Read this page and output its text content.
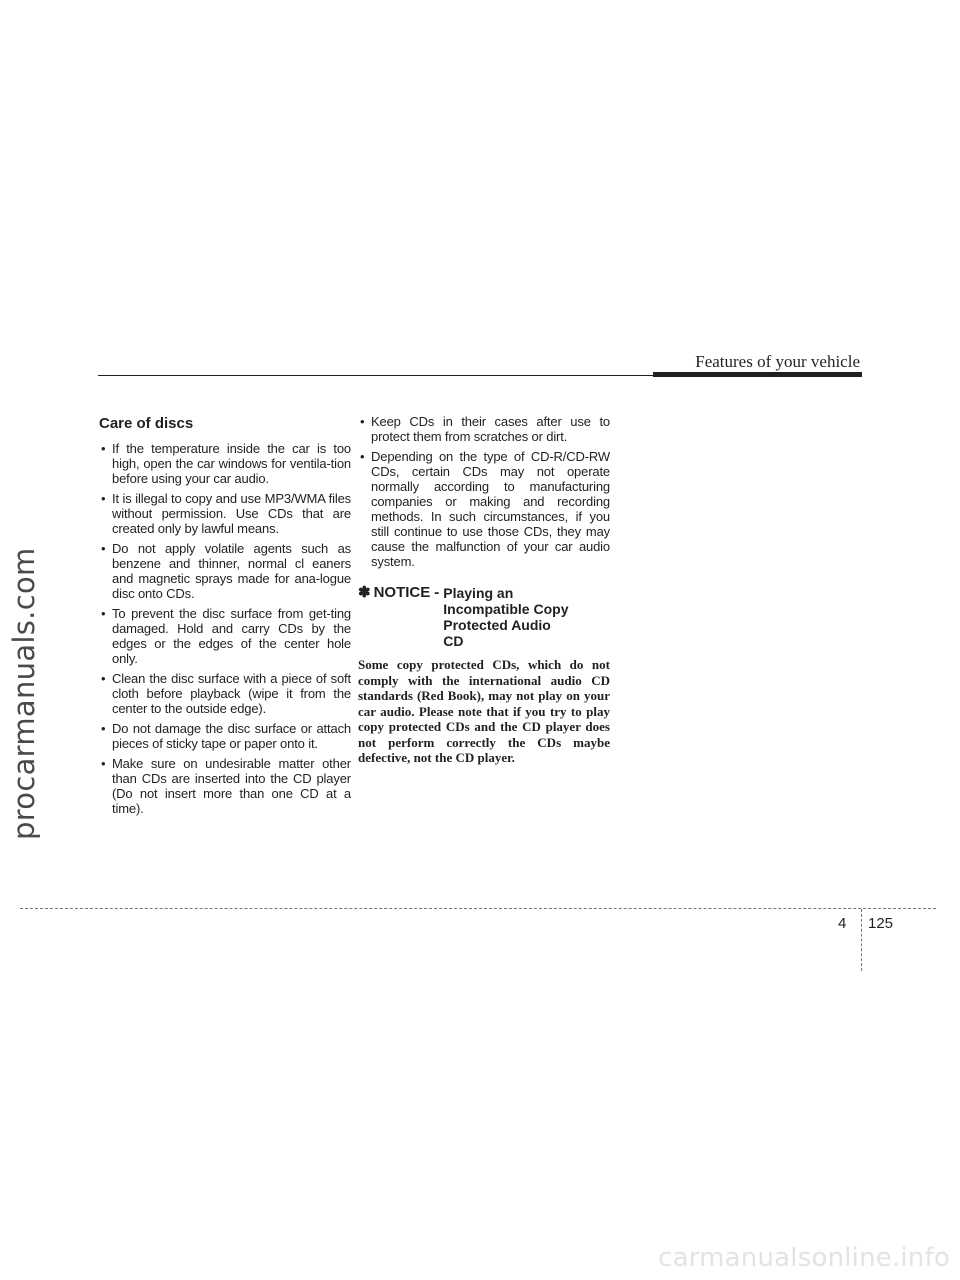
procarmanuals.com
Features of your vehicle
Care of discs
• If the temperature inside the car is too high, open the car windows for ventila-tion before using your car audio.
• It is illegal to copy and use MP3/WMA files without permission. Use CDs that are created only by lawful means.
• Do not apply volatile agents such as benzene and thinner, normal cl eaners and magnetic sprays made for ana-logue disc onto CDs.
• To prevent the disc surface from get-ting damaged. Hold and carry CDs by the edges or the edges of the center hole only.
• Clean the disc surface with a piece of soft cloth before playback (wipe it from the center to the outside edge).
• Do not damage the disc surface or attach pieces of sticky tape or paper onto it.
• Make sure on undesirable matter other than CDs are inserted into the CD player (Do not insert more than one CD at a time).
• Keep CDs in their cases after use to protect them from scratches or dirt.
• Depending on the type of CD-R/CD-RW CDs, certain CDs may not operate normally according to manufacturing companies or making and recording methods. In such circumstances, if you still continue to use those CDs, they may cause the malfunction of your car audio system.
✽ NOTICE - Playing an Incompatible Copy Protected Audio CD
Some copy protected CDs, which do not comply with the international audio CD standards (Red Book), may not play on your car audio. Please note that if you try to play copy protected CDs and the CD player does not perform correctly the CDs maybe defective, not the CD player.
4 125
carmanualsonline.info
